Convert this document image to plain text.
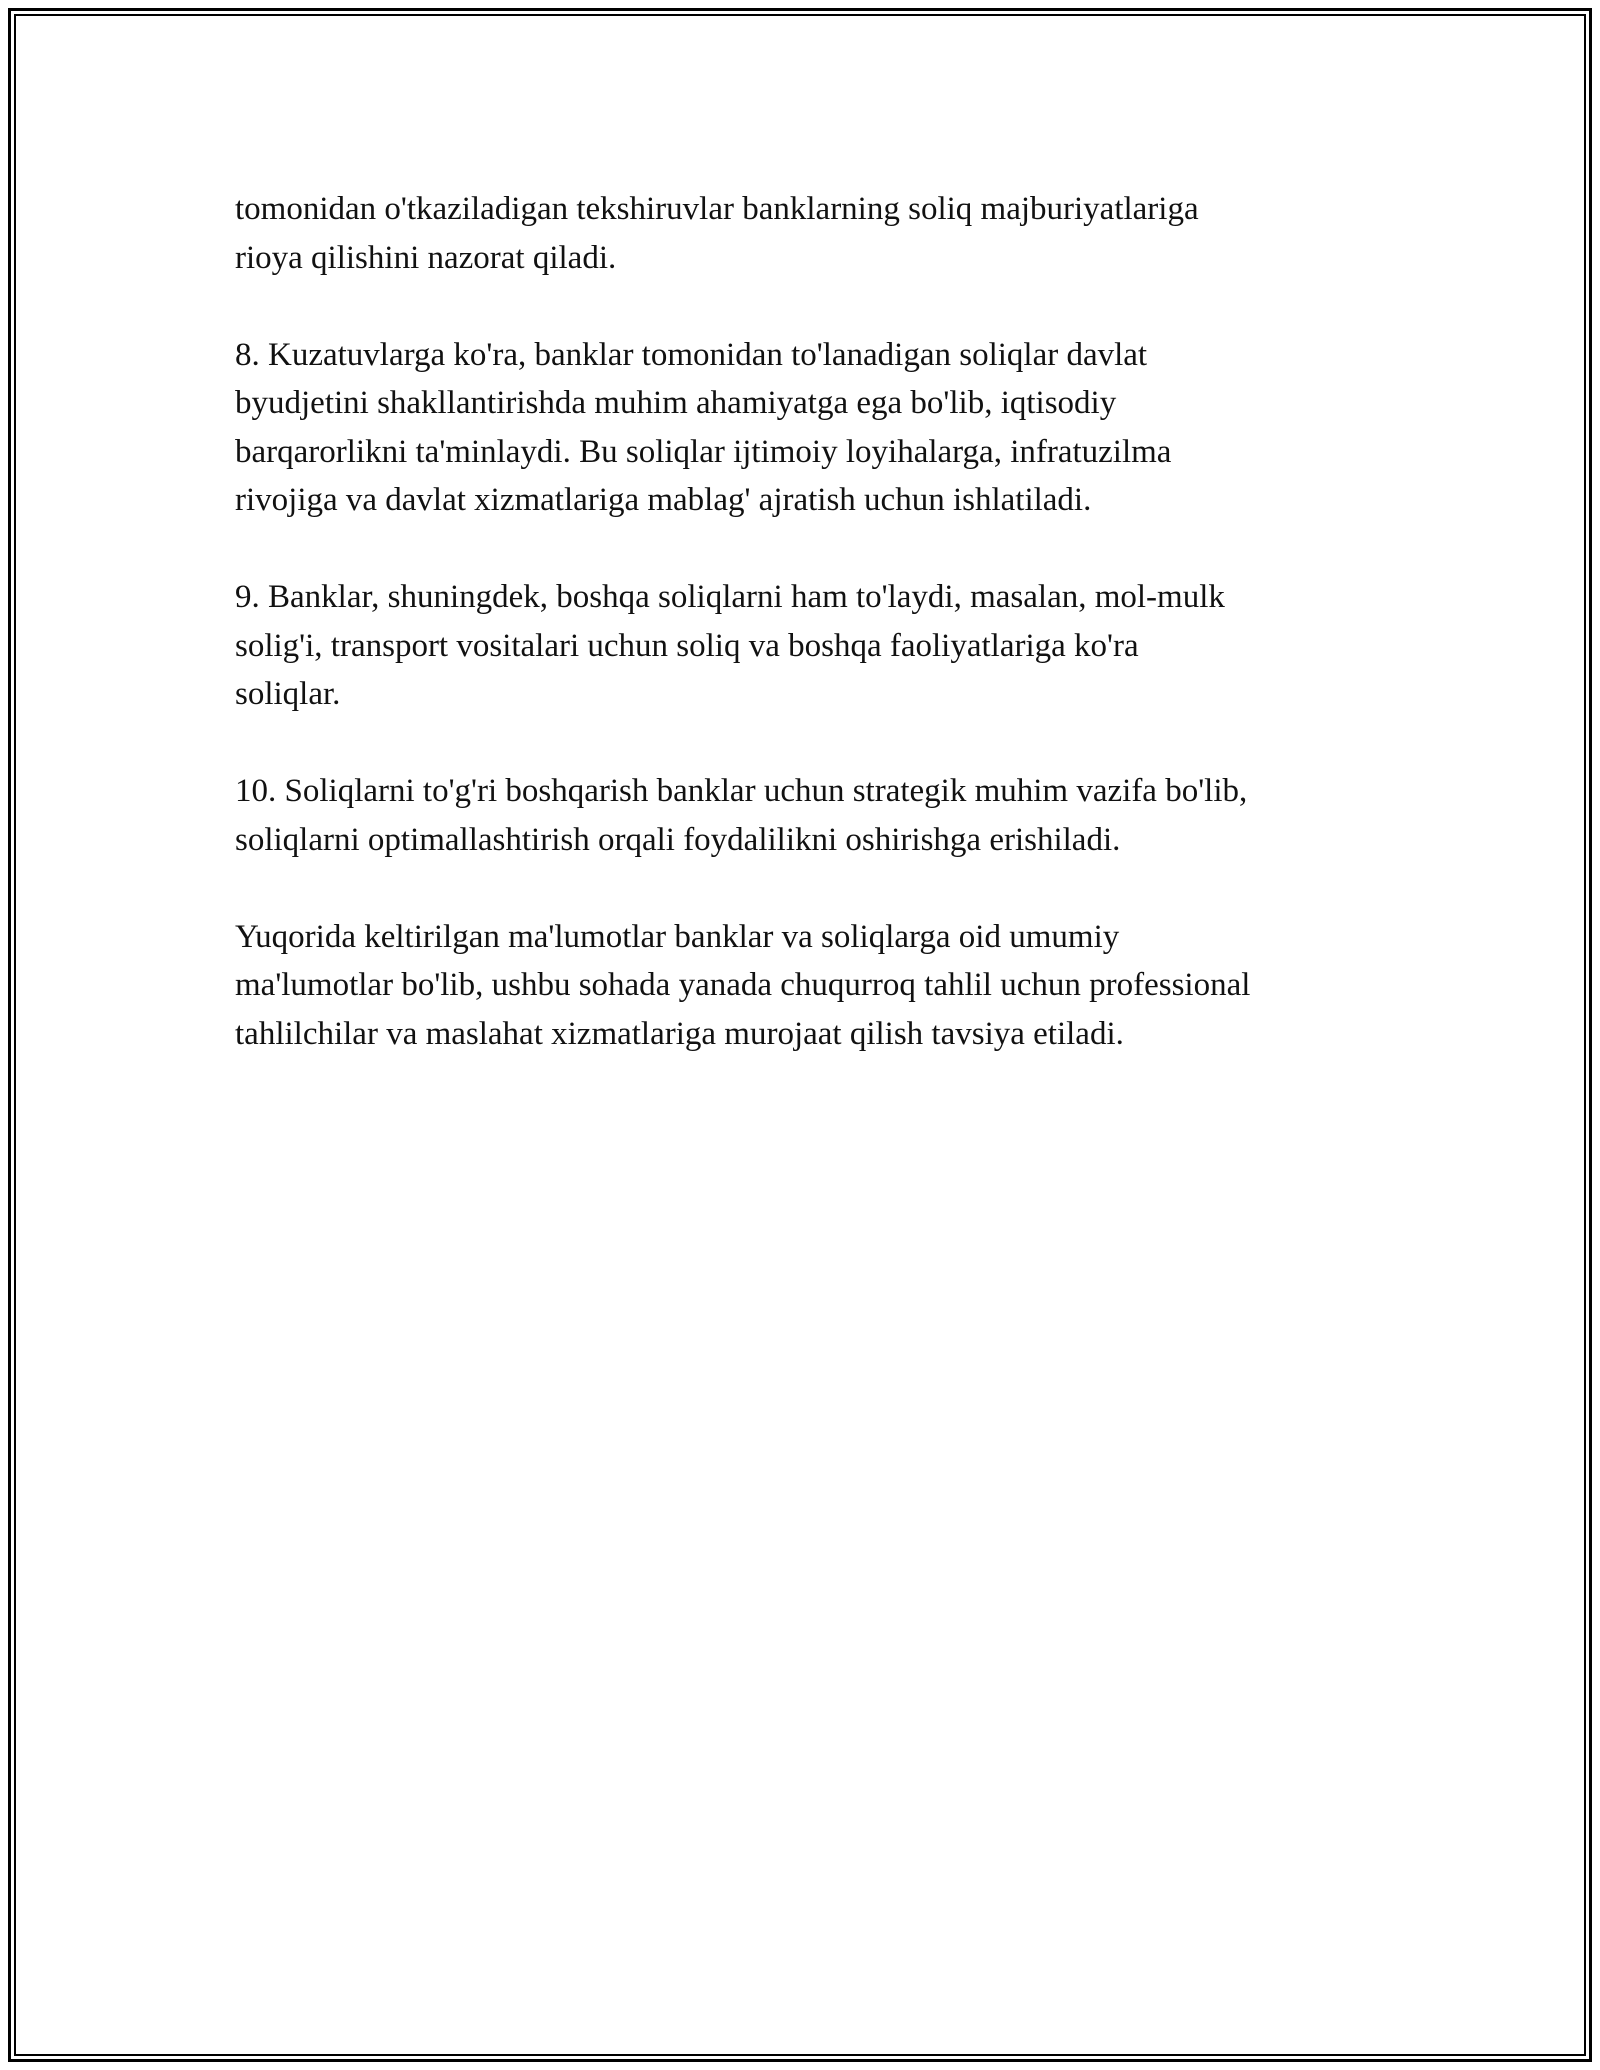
tomonidan o'tkaziladigan tekshiruvlar banklarning soliq majburiyatlariga
rioya qilishini nazorat qiladi.

8. Kuzatuvlarga ko'ra, banklar tomonidan to'lanadigan soliqlar davlat
byudjetini shakllantirishda muhim ahamiyatga ega bo'lib, iqtisodiy
barqarorlikni ta'minlaydi. Bu soliqlar ijtimoiy loyihalarga, infratuzilma
rivojiga va davlat xizmatlariga mablag' ajratish uchun ishlatiladi.

9. Banklar, shuningdek, boshqa soliqlarni ham to'laydi, masalan, mol-mulk
solig'i, transport vositalari uchun soliq va boshqa faoliyatlariga ko'ra
soliqlar.

10. Soliqlarni to'g'ri boshqarish banklar uchun strategik muhim vazifa bo'lib,
soliqlarni optimallashtirish orqali foydalilikni oshirishga erishiladi.

Yuqorida keltirilgan ma'lumotlar banklar va soliqlarga oid umumiy
ma'lumotlar bo'lib, ushbu sohada yanada chuqurroq tahlil uchun professional
tahlilchilar va maslahat xizmatlariga murojaat qilish tavsiya etiladi.
